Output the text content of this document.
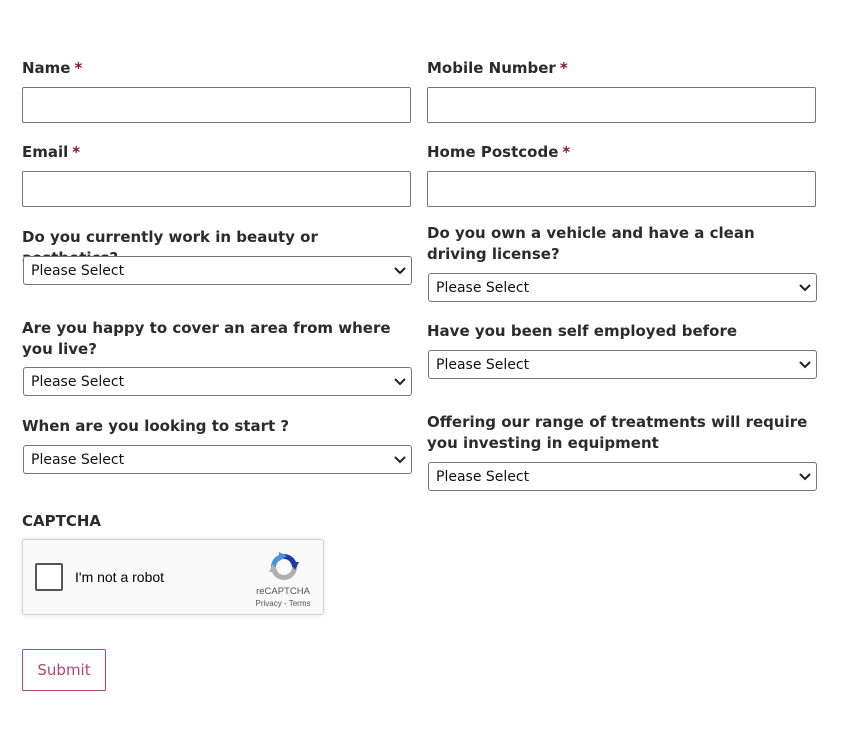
Name *	Mobile Number *
Email *	Home Postcode *
Do you currently work in beauty or
Please Select
Do you own a vehicle and have a clean driving license?
Please Select
Are you happy to cover an area from where you live?
Please Select
Have you been self employed before
Please Select
When are you looking to start ?
Please Select
Offering our range of treatments will require you investing in equipment
Please Select
CAPTCHA
I'm not a robot
reCAPTCHA
Privacy - Terms
Submit
